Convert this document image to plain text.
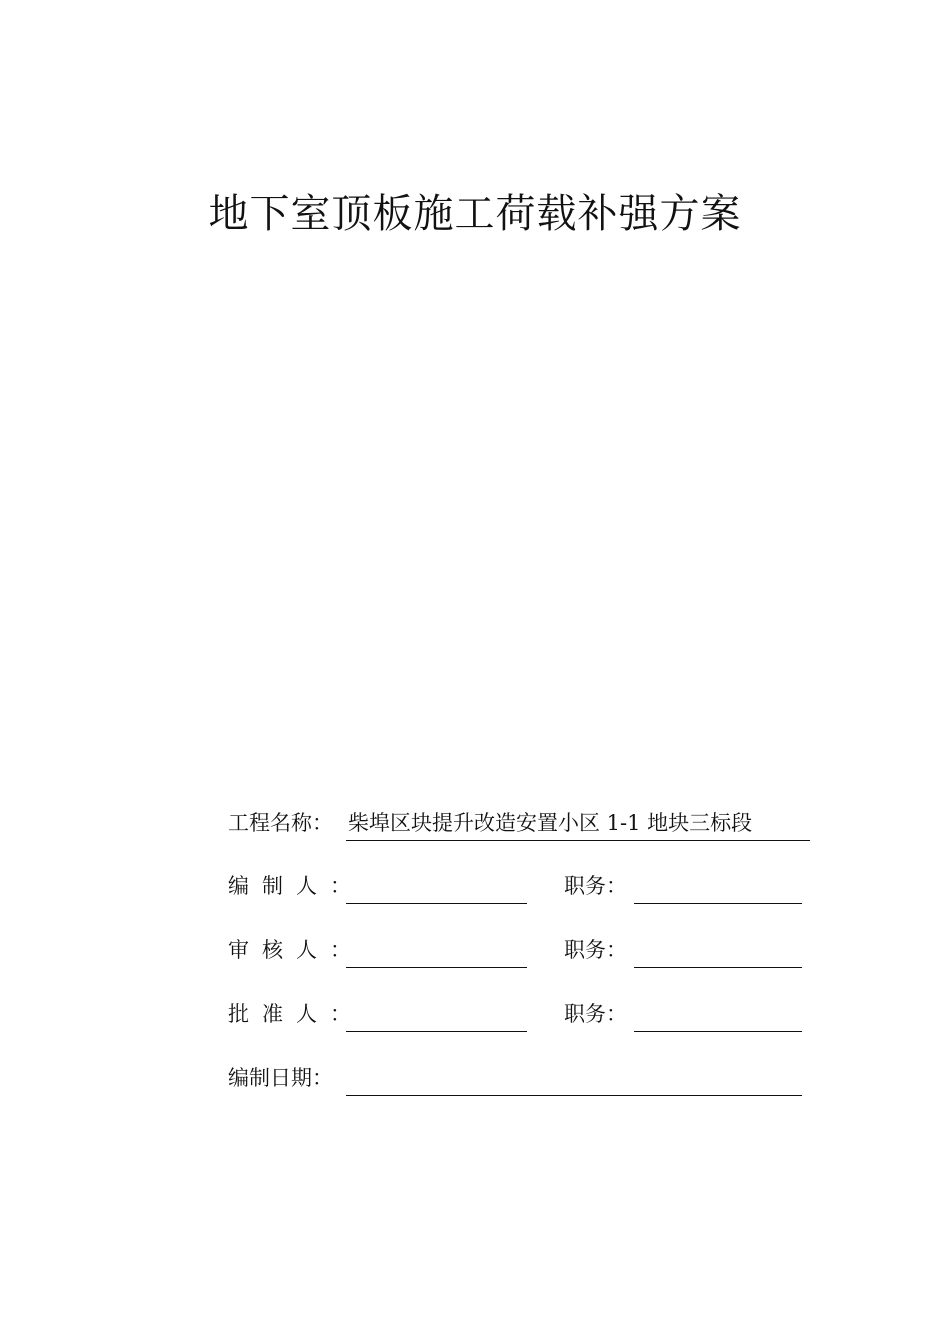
地下室顶板施工荷载补强方案
工程名称： 柴埠区块提升改造安置小区 1-1 地块三标段
编制人：	职务：
审核人：	职务：
批准人：	职务：
编制日期：
